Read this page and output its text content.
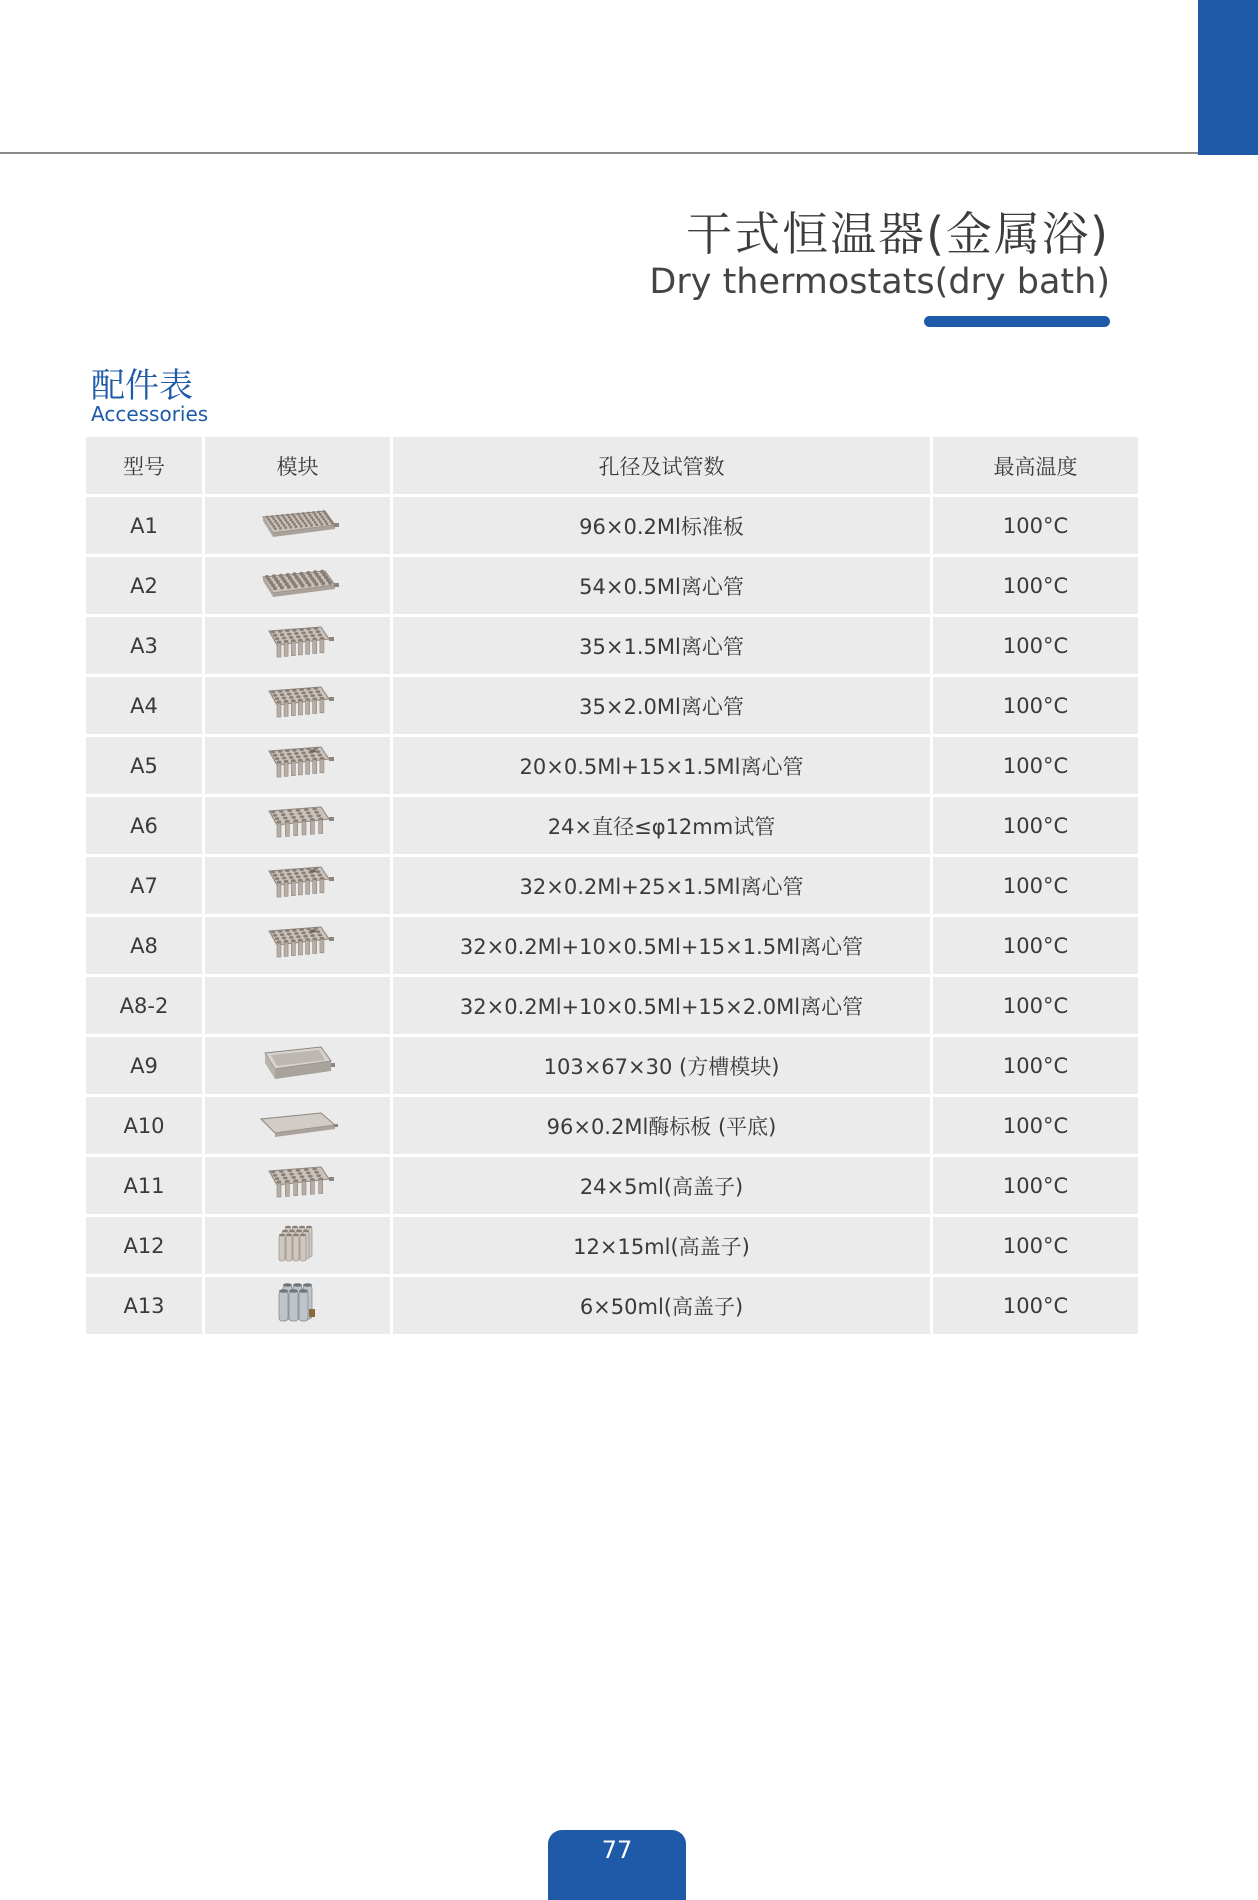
干式恒温器(金属浴)
Dry thermostats(dry bath)
配件表
Accessories
型号	模块	孔径及试管数	最高温度
A1		96×0.2Ml标准板	100°C
A2		54×0.5Ml离心管	100°C
A3		35×1.5Ml离心管	100°C
A4		35×2.0Ml离心管	100°C
A5		20×0.5Ml+15×1.5Ml离心管	100°C
A6		24×直径≤φ12mm试管	100°C
A7		32×0.2Ml+25×1.5Ml离心管	100°C
A8		32×0.2Ml+10×0.5Ml+15×1.5Ml离心管	100°C
A8-2		32×0.2Ml+10×0.5Ml+15×2.0Ml离心管	100°C
A9		103×67×30 (方槽模块)	100°C
A10		96×0.2Ml酶标板 (平底)	100°C
A11		24×5ml(高盖子)	100°C
A12		12×15ml(高盖子)	100°C
A13		6×50ml(高盖子)	100°C
77
